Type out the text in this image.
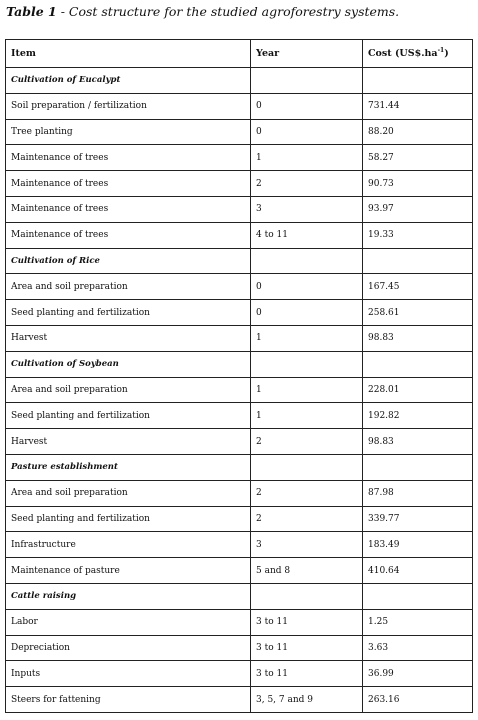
Table 1 - Cost structure for the studied agroforestry systems.
Item	Year	Cost $(US\$.ha^{-1})$
Cultivation of Eucalypt		
Soil preparation / fertilization	0	731.44
Tree planting	0	88.20
Maintenance of trees	1	58.27
Maintenance of trees	2	90.73
Maintenance of trees	3	93.97
Maintenance of trees	4 to 11	19.33
Cultivation of Rice		
Area and soil preparation	0	167.45
Seed planting and fertilization	0	258.61
Harvest	1	98.83
Cultivation of Soybean		
Area and soil preparation	1	228.01
Seed planting and fertilization	1	192.82
Harvest	2	98.83
Pasture establishment		
Area and soil preparation	2	87.98
Seed planting and fertilization	2	339.77
Infrastructure	3	183.49
Maintenance of pasture	5 and 8	410.64
Cattle raising		
Labor	3 to 11	1.25
Depreciation	3 to 11	3.63
Inputs	3 to 11	36.99
Steers for fattening	3, 5, 7 and 9	263.16
